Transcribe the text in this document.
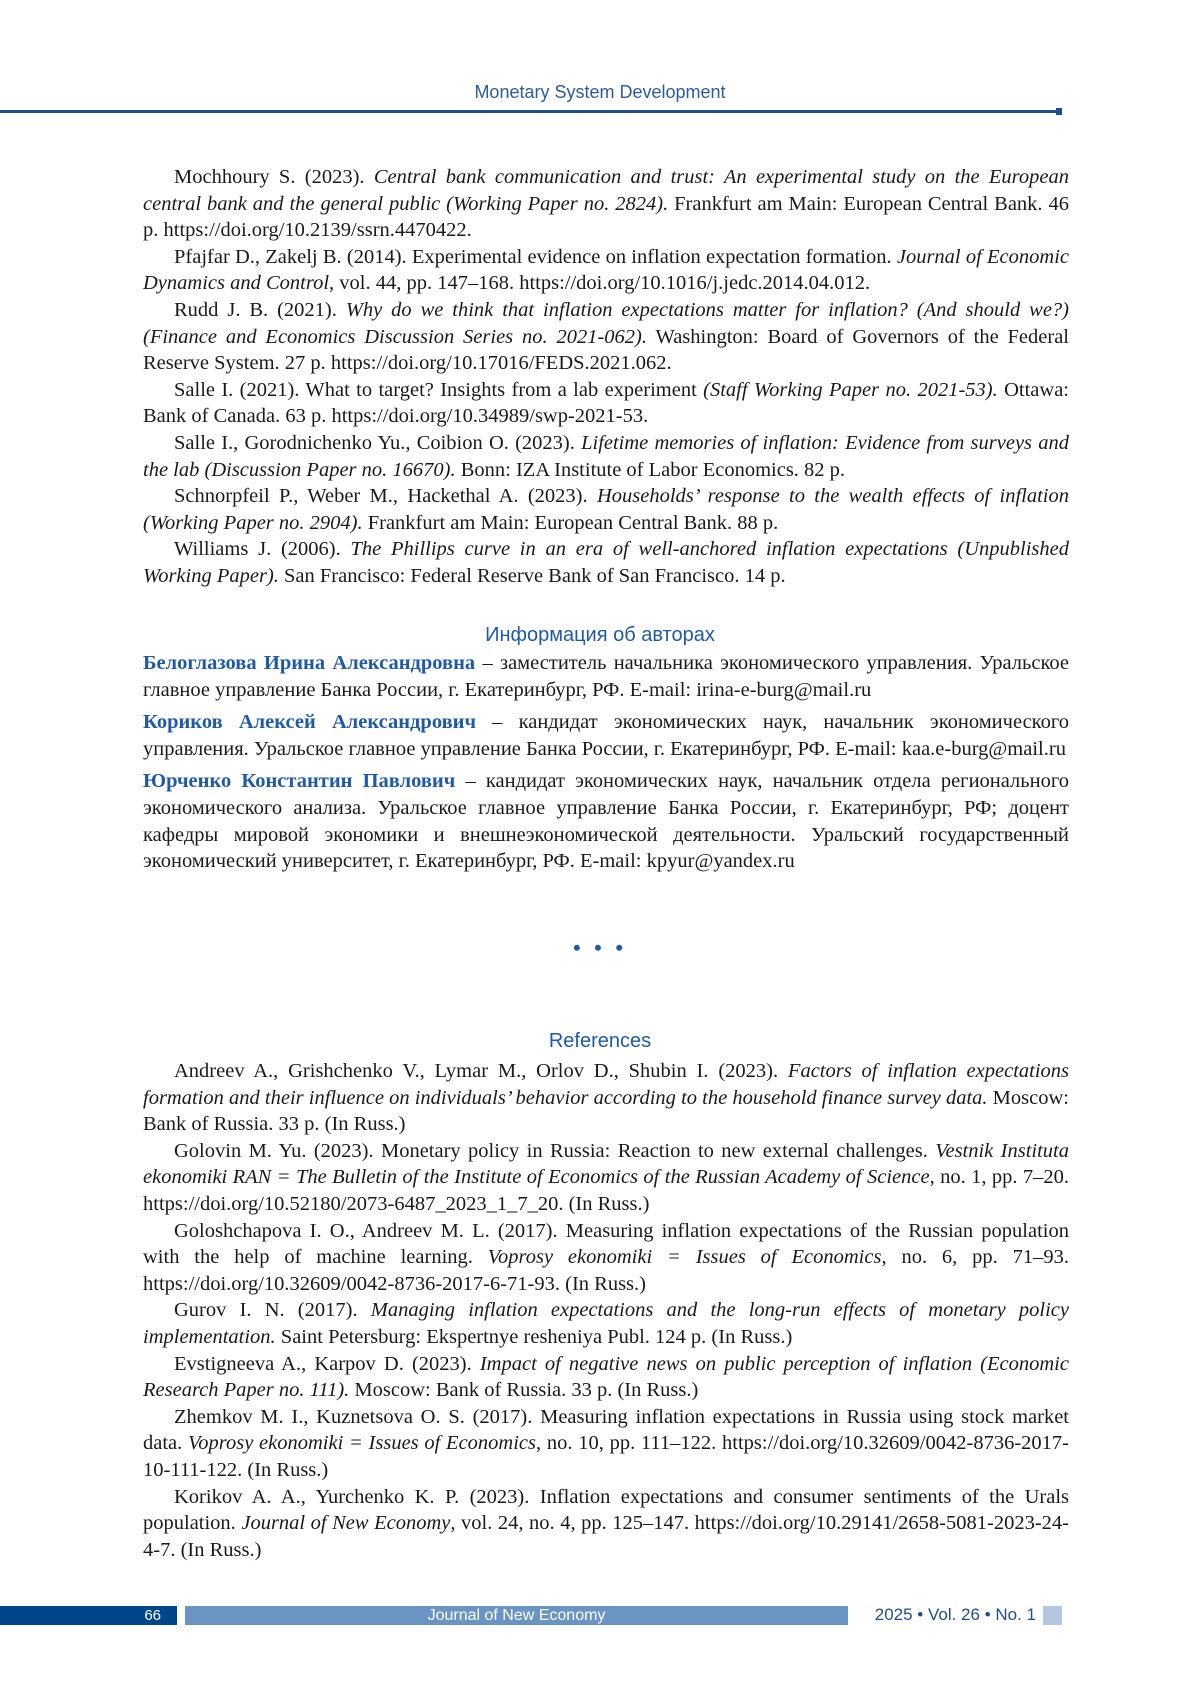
Monetary System Development

Mochhoury S. (2023). Central bank communication and trust: An experimental study on the European central bank and the general public (Working Paper no. 2824). Frankfurt am Main: European Central Bank. 46 p. https://doi.org/10.2139/ssrn.4470422.

Pfajfar D., Zakelj B. (2014). Experimental evidence on inflation expectation formation. Journal of Economic Dynamics and Control, vol. 44, pp. 147–168. https://doi.org/10.1016/j.jedc.2014.04.012.

Rudd J. B. (2021). Why do we think that inflation expectations matter for inflation? (And should we?) (Finance and Economics Discussion Series no. 2021-062). Washington: Board of Governors of the Federal Reserve System. 27 p. https://doi.org/10.17016/FEDS.2021.062.

Salle I. (2021). What to target? Insights from a lab experiment (Staff Working Paper no. 2021-53). Ottawa: Bank of Canada. 63 p. https://doi.org/10.34989/swp-2021-53.

Salle I., Gorodnichenko Yu., Coibion O. (2023). Lifetime memories of inflation: Evidence from surveys and the lab (Discussion Paper no. 16670). Bonn: IZA Institute of Labor Economics. 82 p.

Schnorpfeil P., Weber M., Hackethal A. (2023). Households’ response to the wealth effects of inflation (Working Paper no. 2904). Frankfurt am Main: European Central Bank. 88 p.

Williams J. (2006). The Phillips curve in an era of well-anchored inflation expectations (Unpublished Working Paper). San Francisco: Federal Reserve Bank of San Francisco. 14 p.

Информация об авторах

Белоглазова Ирина Александровна – заместитель начальника экономического управления. Уральское главное управление Банка России, г. Екатеринбург, РФ. E-mail: irina-e-burg@mail.ru

Кориков Алексей Александрович – кандидат экономических наук, начальник экономического управления. Уральское главное управление Банка России, г. Екатеринбург, РФ. E-mail: kaa.e-burg@mail.ru

Юрченко Константин Павлович – кандидат экономических наук, начальник отдела регионального экономического анализа. Уральское главное управление Банка России, г. Екатеринбург, РФ; доцент кафедры мировой экономики и внешнеэкономической деятельности. Уральский государственный экономический университет, г. Екатеринбург, РФ. E-mail: kpyur@yandex.ru

• • •
References

Andreev A., Grishchenko V., Lymar M., Orlov D., Shubin I. (2023). Factors of inflation expectations formation and their influence on individuals’ behavior according to the household finance survey data. Moscow: Bank of Russia. 33 p. (In Russ.)

Golovin M. Yu. (2023). Monetary policy in Russia: Reaction to new external challenges. Vestnik Instituta ekonomiki RAN = The Bulletin of the Institute of Economics of the Russian Academy of Science, no. 1, pp. 7–20. https://doi.org/10.52180/2073-6487_2023_1_7_20. (In Russ.)

Goloshchapova I. O., Andreev M. L. (2017). Measuring inflation expectations of the Russian population with the help of machine learning. Voprosy ekonomiki = Issues of Economics, no. 6, pp. 71–93. https://doi.org/10.32609/0042-8736-2017-6-71-93. (In Russ.)

Gurov I. N. (2017). Managing inflation expectations and the long-run effects of monetary policy implementation. Saint Petersburg: Ekspertnye resheniya Publ. 124 p. (In Russ.)

Evstigneeva A., Karpov D. (2023). Impact of negative news on public perception of inflation (Economic Research Paper no. 111). Moscow: Bank of Russia. 33 p. (In Russ.)

Zhemkov M. I., Kuznetsova O. S. (2017). Measuring inflation expectations in Russia using stock market data. Voprosy ekonomiki = Issues of Economics, no. 10, pp. 111–122. https://doi.org/10.32609/0042-8736-2017-10-111-122. (In Russ.)

Korikov A. A., Yurchenko K. P. (2023). Inflation expectations and consumer sentiments of the Urals population. Journal of New Economy, vol. 24, no. 4, pp. 125–147. https://doi.org/10.29141/2658-5081-2023-24-4-7. (In Russ.)

66	Journal of New Economy	2025 • Vol. 26 • No. 1
